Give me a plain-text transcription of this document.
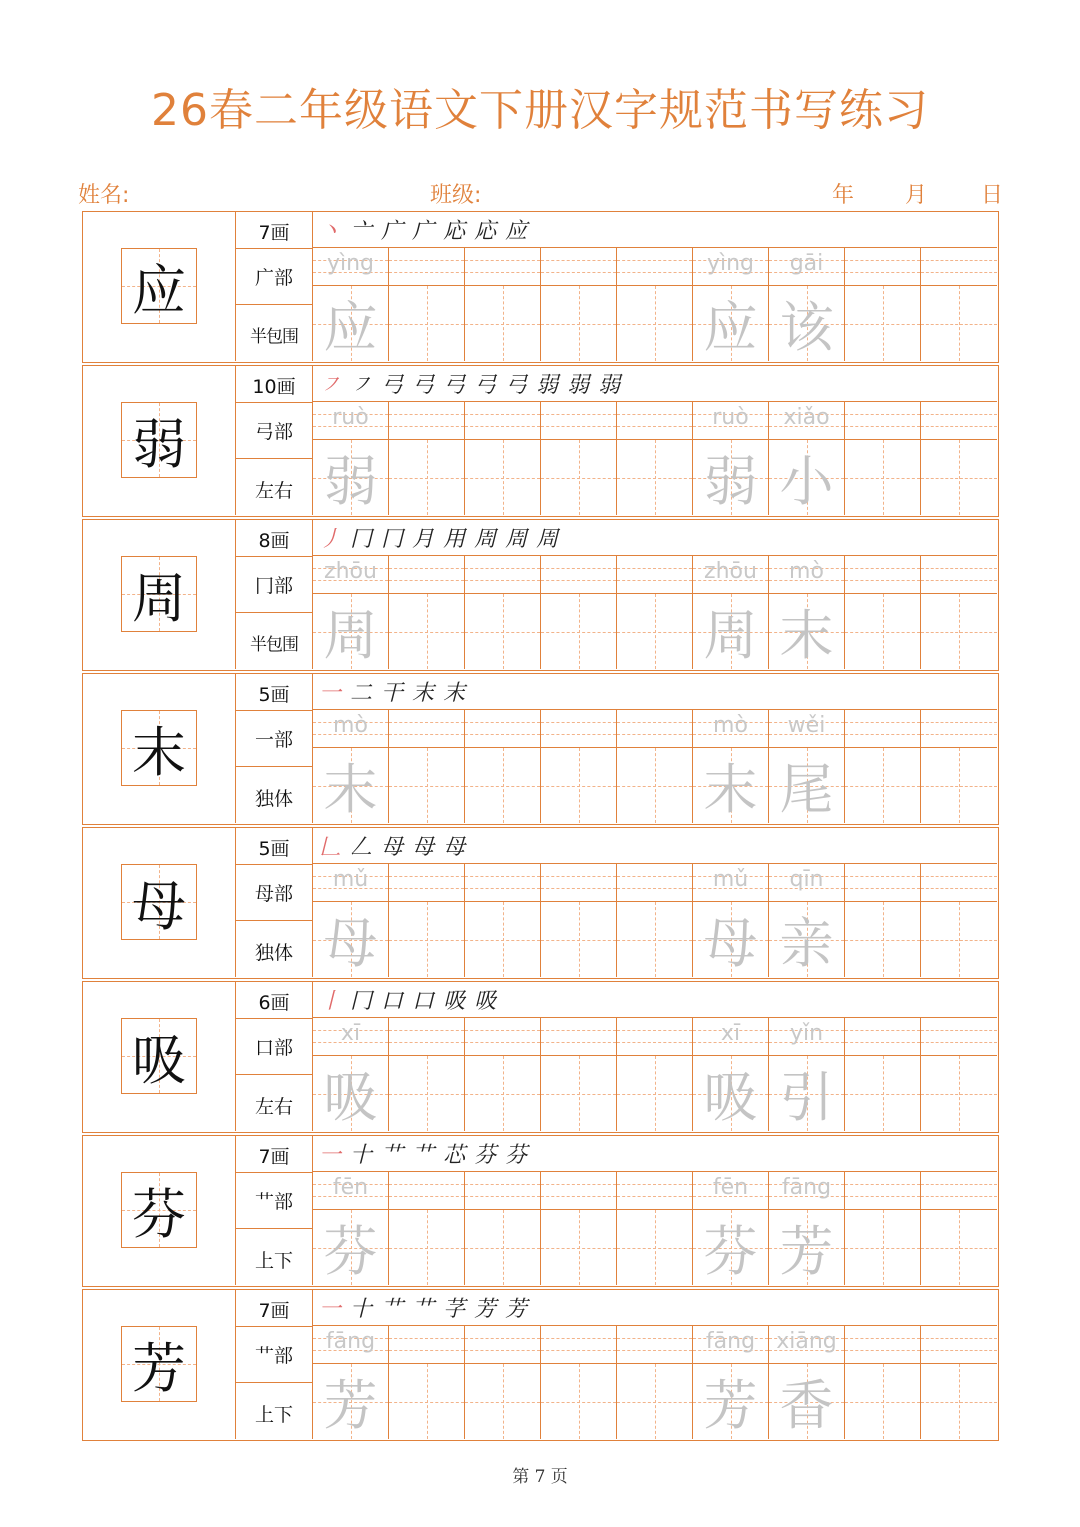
26春二年级语文下册汉字规范书写练习
姓名:	班级:	年 月 日
应
7画
广部
半包围
丶 亠 广 广 応 応 应
yìng
应
yìng
应
gāi
该
弱
10画
弓部
左右
㇇ ㇇ 弓 弓 弓 弓 弓 弱 弱 弱
ruò
弱
ruò
弱
xiǎo
小
周
8画
冂部
半包围
丿 冂 冂 月 用 周 周 周
zhōu
周
zhōu
周
mò
末
末
5画
一部
独体
一 二 干 末 末
mò
末
mò
末
wěi
尾
母
5画
母部
独体
𠃊 𠃋 母 母 母
mǔ
母
mǔ
母
qīn
亲
吸
6画
口部
左右
丨 冂 口 口 吸 吸
xī
吸
xī
吸
yǐn
引
芬
7画
艹部
上下
一 十 艹 艹 芯 芬 芬
fēn
芬
fēn
芬
fāng
芳
芳
7画
艹部
上下
一 十 艹 艹 芓 芳 芳
fāng
芳
fāng
芳
xiāng
香
第 7 页
